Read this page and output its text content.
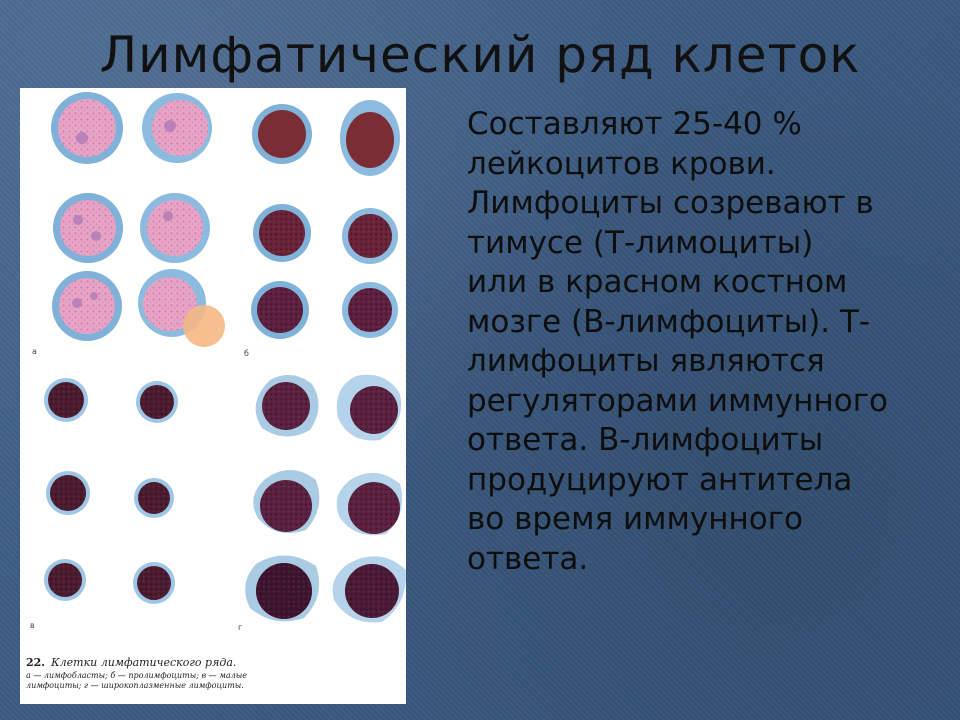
Лимфатический ряд клеток
а	б
в	г
22. Клетки лимфатического ряда.
а — лимфобласты; б — пролимфоциты; в — малые лимфоциты; г — широкоплазменные лимфоциты.
Составляют 25-40 %
лейкоцитов крови.
Лимфоциты созревают в
тимусе (Т-лимоциты)
или в красном костном
мозге (В-лимфоциты). Т-
лимфоциты являются
регуляторами иммунного
ответа. В-лимфоциты
продуцируют антитела
во время иммунного
ответа.
